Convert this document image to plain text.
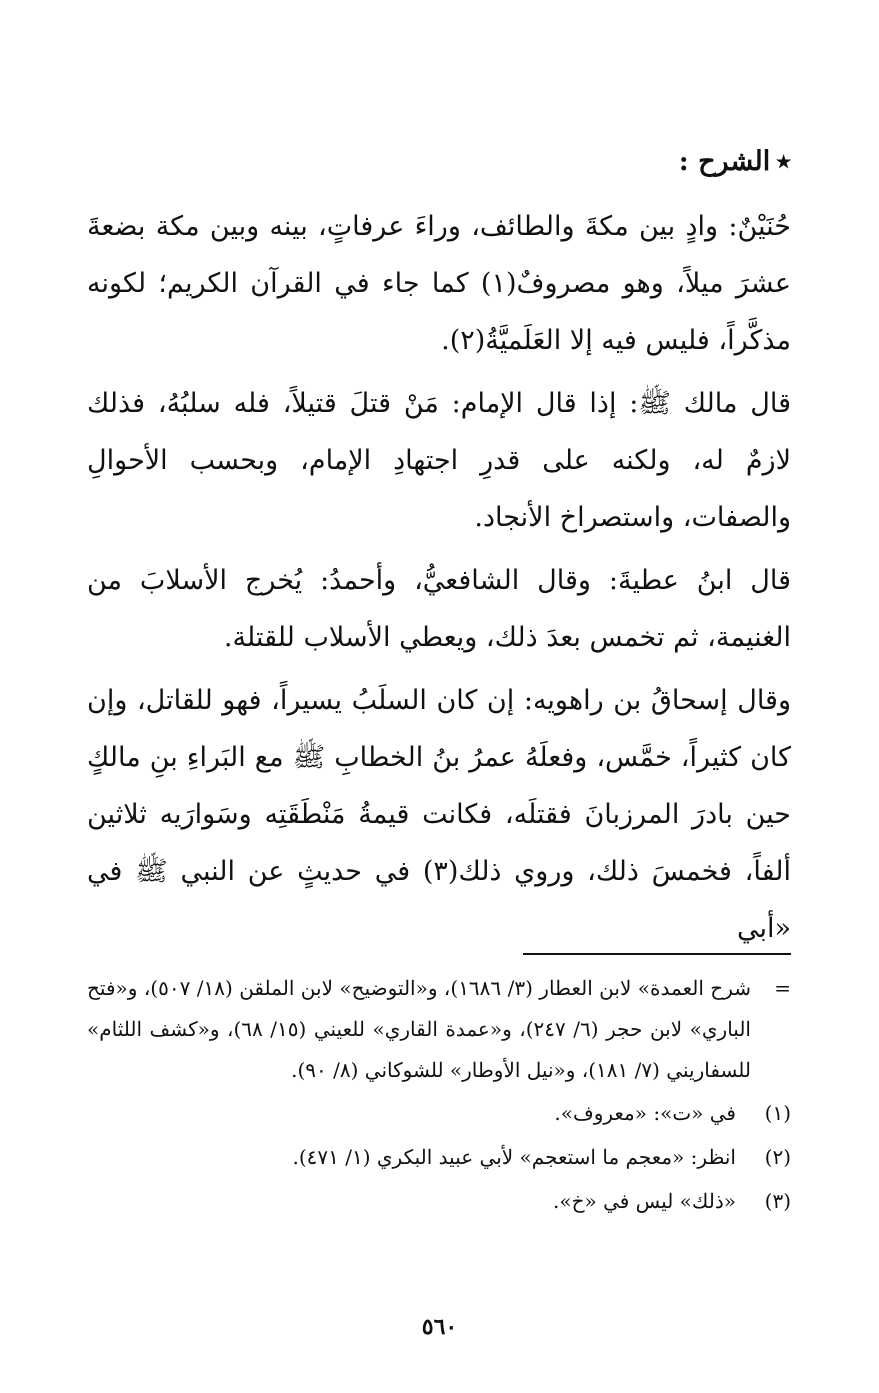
٭الشرح :

حُنَيْنٌ: وادٍ بين مكةَ والطائف، وراءَ عرفاتٍ، بينه وبين مكة بضعةَ عشرَ ميلاً، وهو مصروفٌ(١) كما جاء في القرآن الكريم؛ لكونه مذكَّراً، فليس فيه إلا العَلَميَّةُ(٢).

قال مالك ﷺ: إذا قال الإمام: مَنْ قتلَ قتيلاً، فله سلبُهُ، فذلك لازمٌ له، ولكنه على قدرِ اجتهادِ الإمام، وبحسب الأحوالِ والصفات، واستصراخ الأنجاد.

قال ابنُ عطيةَ: وقال الشافعيُّ، وأحمدُ: يُخرج الأسلابَ من الغنيمة، ثم تخمس بعدَ ذلك، ويعطي الأسلاب للقتلة.

وقال إسحاقُ بن راهويه: إن كان السلَبُ يسيراً، فهو للقاتل، وإن كان كثيراً، خمَّس، وفعلَهُ عمرُ بنُ الخطابِ ﷺ مع البَراءِ بنِ مالكٍ حين بادرَ المرزبانَ فقتلَه، فكانت قيمةُ مَنْطَقَتِه وسَوارَيه ثلاثين ألفاً، فخمسَ ذلك، وروي ذلك(٣) في حديثٍ عن النبي ﷺ في «أبي

=
شرح العمدة» لابن العطار (٣/ ١٦٨٦)، و«التوضيح» لابن الملقن (١٨/ ٥٠٧)، و«فتح الباري» لابن حجر (٦/ ٢٤٧)، و«عمدة القاري» للعيني (١٥/ ٦٨)، و«كشف اللثام» للسفاريني (٧/ ١٨١)، و«نيل الأوطار» للشوكاني (٨/ ٩٠).
(١)
في «ت»: «معروف».
(٢)
انظر: «معجم ما استعجم» لأبي عبيد البكري (١/ ٤٧١).
(٣)
«ذلك» ليس في «خ».
٥٦٠
